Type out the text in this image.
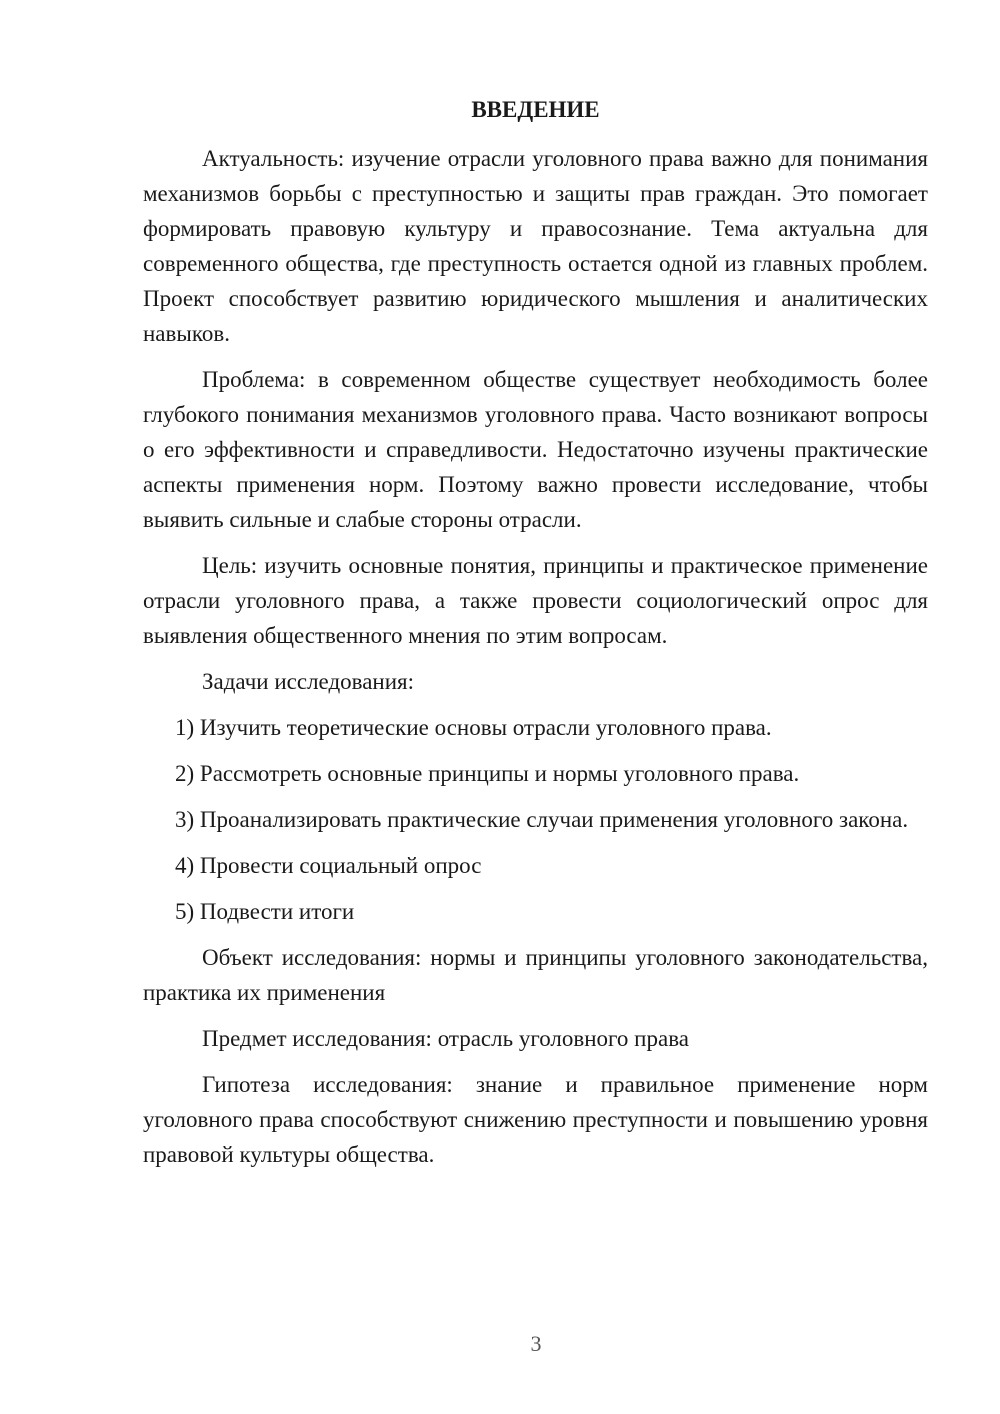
ВВЕДЕНИЕ
Актуальность: изучение отрасли уголовного права важно для понимания механизмов борьбы с преступностью и защиты прав граждан. Это помогает формировать правовую культуру и правосознание. Тема актуальна для современного общества, где преступность остается одной из главных проблем. Проект способствует развитию юридического мышления и аналитических навыков.
Проблема: в современном обществе существует необходимость более глубокого понимания механизмов уголовного права. Часто возникают вопросы о его эффективности и справедливости. Недостаточно изучены практические аспекты применения норм. Поэтому важно провести исследование, чтобы выявить сильные и слабые стороны отрасли.
Цель: изучить основные понятия, принципы и практическое применение отрасли уголовного права, а также провести социологический опрос для выявления общественного мнения по этим вопросам.
Задачи исследования:
1) Изучить теоретические основы отрасли уголовного права.
2) Рассмотреть основные принципы и нормы уголовного права.
3) Проанализировать практические случаи применения уголовного закона.
4) Провести социальный опрос
5) Подвести итоги
Объект исследования: нормы и принципы уголовного законодательства, практика их применения
Предмет исследования: отрасль уголовного права
Гипотеза исследования: знание и правильное применение норм уголовного права способствуют снижению преступности и повышению уровня правовой культуры общества.
3
